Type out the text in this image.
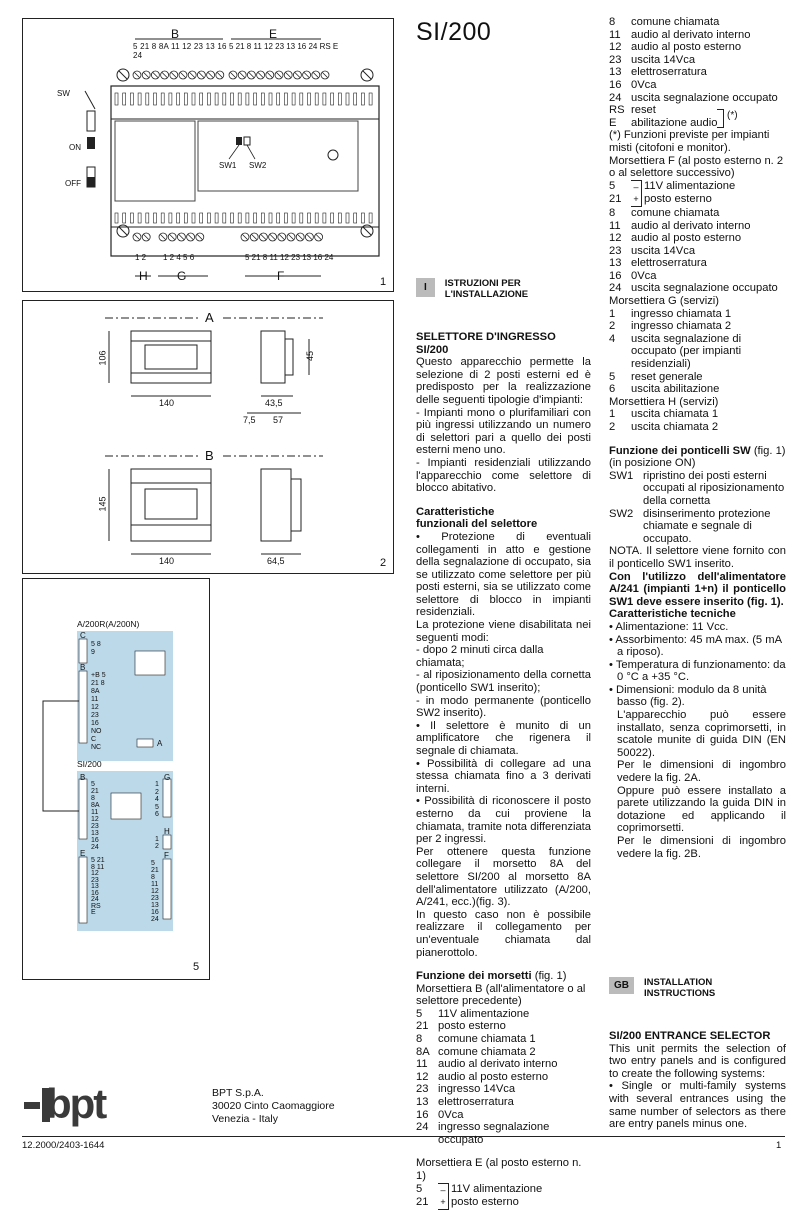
B	E
5 21 8 8A 11 12 23 13 16 24
5 21 8 11 12 23 13 16 24 RS E
1 2 1 2 4 5 6	5 21 8 11 12 23 13 16 24
H G	F
SW
ON
OFF
SW1 SW2
1
A
B
106
140
45
43,5
7,5 57
145
140	64,5	2
A/200R(A/200N)
C
5 8 9
B
+B 5 21 8 8A 11 12 23 16 NO C NC	A
SI/200
B
5 21 8 8A 11 12 23 13 16 24
G
1 2 4 5 6
H
1 2
E
5 21 8 11 12 23 13 16 24 RS E
F
5 21 8 11 12 23 13 16 24
5
bpt	BPT S.p.A.
30020 Cinto Caomaggiore
Venezia - Italy
12.2000/2403-1644	1
SI/200
I	ISTRUZIONI PER
L'INSTALLAZIONE

SELETTORE D'INGRESSO SI/200

Questo apparecchio permette la selezione di 2 posti esterni ed è predisposto per la realizzazione delle seguenti tipologie d'impianti:

- Impianti mono o plurifamiliari con più ingressi utilizzando un numero di selettori pari a quello dei posti esterni meno uno.

- Impianti residenziali utilizzando l'apparecchio come selettore di blocco abitativo.

Caratteristiche

funzionali del selettore

• Protezione di eventuali collegamenti in atto e gestione della segnalazione di occupato, sia se utilizzato come selettore per più posti esterni, sia se utilizzato come selettore di blocco in impianti residenziali.

La protezione viene disabilitata nei seguenti modi:

- dopo 2 minuti circa dalla chiamata;

- al riposizionamento della cornetta (ponticello SW1 inserito);

- in modo permanente (ponticello SW2 inserito).

• Il selettore è munito di un amplificatore che rigenera il segnale di chiamata.

• Possibilità di collegare ad una stessa chiamata fino a 3 derivati interni.

• Possibilità di riconoscere il posto esterno da cui proviene la chiamata, tramite nota differenziata per 2 ingressi.

Per ottenere questa funzione collegare il morsetto 8A del selettore SI/200 al morsetto 8A dell'alimentatore utilizzato (A/200, A/241, ecc.)(fig. 3).

In questo caso non è possibile realizzare il collegamento per un'eventuale chiamata dal pianerottolo.

Funzione dei morsetti (fig. 1)

Morsettiera B (all'alimentatore o al selettore precedente)

5	11V alimentazione
21 posto esterno
8	comune chiamata 1
8A comune chiamata 2
11 audio al derivato interno
12 audio al posto esterno
23 ingresso 14Vca
13 elettroserratura
16 0Vca
24 ingresso segnalazione occupato

Morsettiera E (al posto esterno n. 1)

5	– 11V alimentazione
21	+ posto esterno
8	comune chiamata
11 audio al derivato interno
12 audio al posto esterno
23 uscita 14Vca
13 elettroserratura
16 0Vca
24 uscita segnalazione occupato
RS reset
E	abilitazione audio
(*)

(*) Funzioni previste per impianti misti (citofoni e monitor).

Morsettiera F (al posto esterno n. 2 o al selettore successivo)

5	– 11V alimentazione
21	+ posto esterno
8	comune chiamata
11 audio al derivato interno
12 audio al posto esterno
23 uscita 14Vca
13 elettroserratura
16 0Vca
24 uscita segnalazione occupato

Morsettiera G (servizi)

1	ingresso chiamata 1
2	ingresso chiamata 2
4	uscita segnalazione di occupato (per impianti residenziali)
5	reset generale
6	uscita abilitazione

Morsettiera H (servizi)

1	uscita chiamata 1
2	uscita chiamata 2

Funzione dei ponticelli SW (fig. 1)

(in posizione ON)

SW1 ripristino dei posti esterni occupati al riposizionamento della cornetta
SW2 disinserimento protezione chiamate e segnale di occupato.

NOTA. Il selettore viene fornito con il ponticello SW1 inserito.

Con l'utilizzo dell'alimentatore A/241 (impianti 1+n) il ponticello SW1 deve essere inserito (fig. 1).

Caratteristiche tecniche

• Alimentazione: 11 Vcc.

• Assorbimento: 45 mA max. (5 mA a riposo).

• Temperatura di funzionamento: da 0 °C a +35 °C.

• Dimensioni: modulo da 8 unità basso (fig. 2).

L'apparecchio può essere installato, senza coprimorsetti, in scatole munite di guida DIN (EN 50022).

Per le dimensioni di ingombro vedere la fig. 2A.

Oppure può essere installato a parete utilizzando la guida DIN in dotazione ed applicando il coprimorsetti.

Per le dimensioni di ingombro vedere la fig. 2B.

GB	INSTALLATION
INSTRUCTIONS

SI/200 ENTRANCE SELECTOR

This unit permits the selection of two entry panels and is configured to create the following systems:

• Single or multi-family systems with several entrances using the same number of selectors as there are entry panels minus one.
